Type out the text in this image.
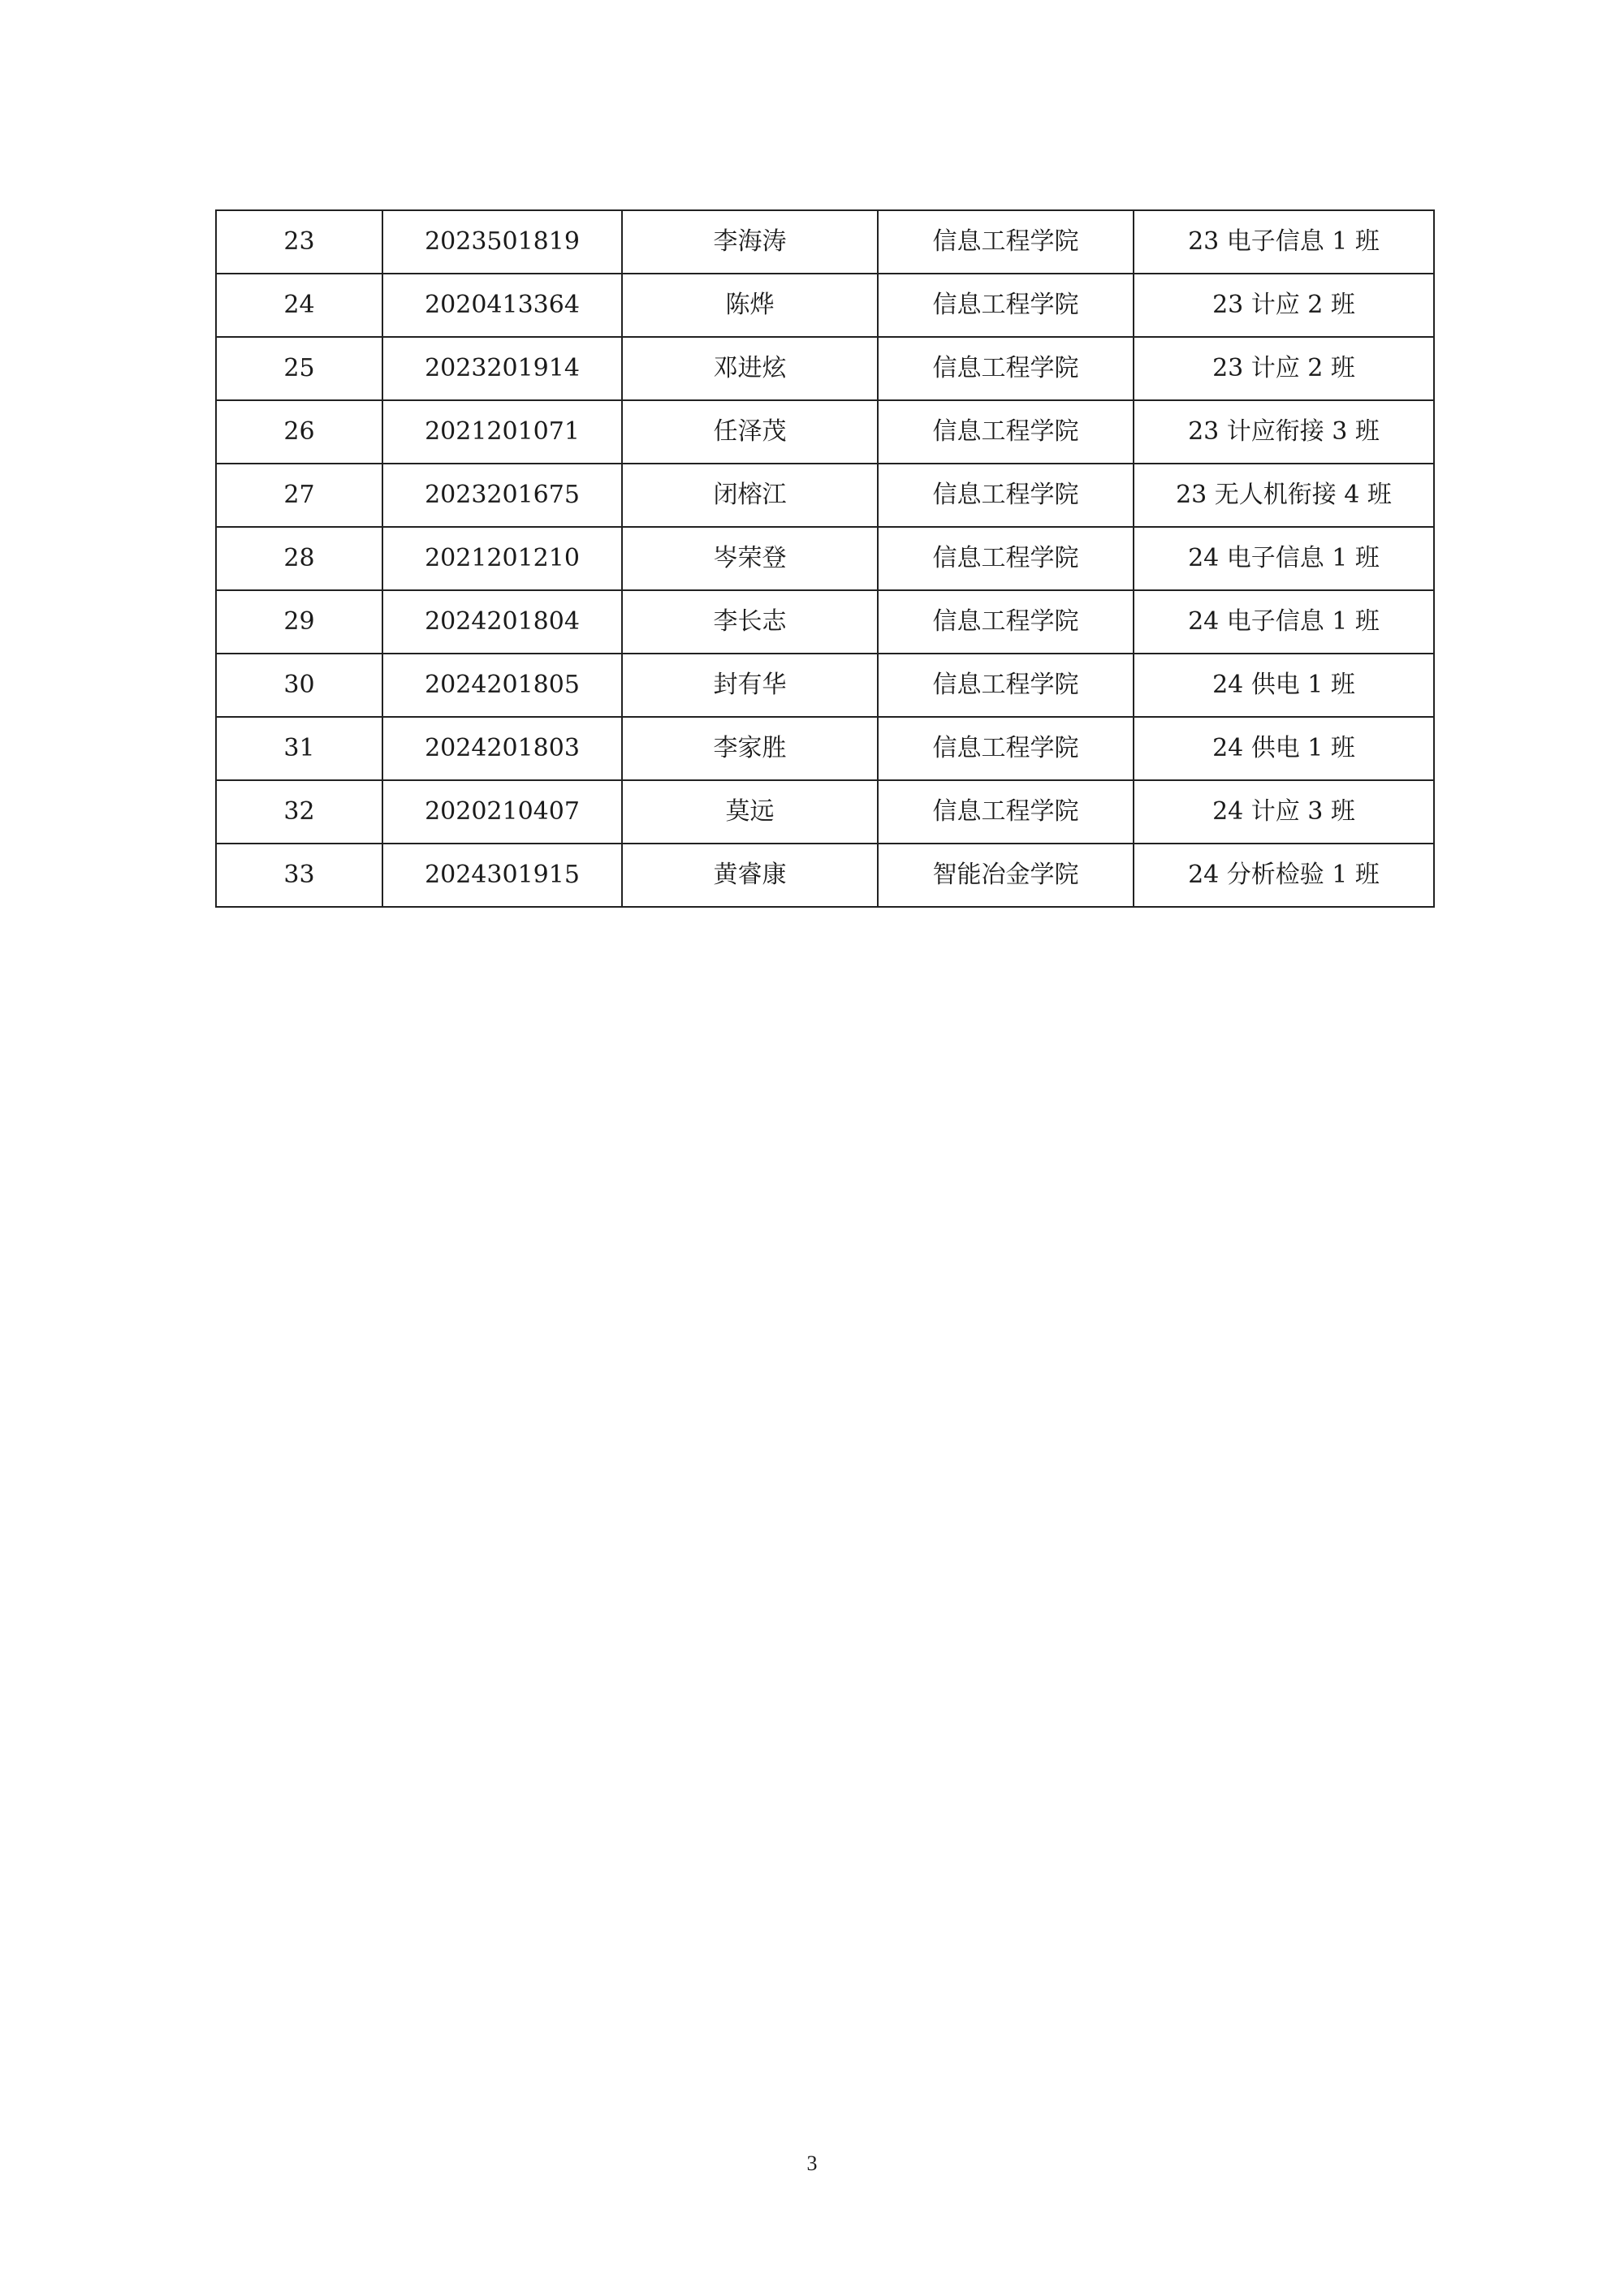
23	2023501819	李海涛	信息工程学院	23 电子信息 1 班
24	2020413364	陈烨	信息工程学院	23 计应 2 班
25	2023201914	邓进炫	信息工程学院	23 计应 2 班
26	2021201071	任泽茂	信息工程学院	23 计应衔接 3 班
27	2023201675	闭榕江	信息工程学院	23 无人机衔接 4 班
28	2021201210	岑荣登	信息工程学院	24 电子信息 1 班
29	2024201804	李长志	信息工程学院	24 电子信息 1 班
30	2024201805	封有华	信息工程学院	24 供电 1 班
31	2024201803	李家胜	信息工程学院	24 供电 1 班
32	2020210407	莫远	信息工程学院	24 计应 3 班
33	2024301915	黄睿康	智能冶金学院	24 分析检验 1 班
3
